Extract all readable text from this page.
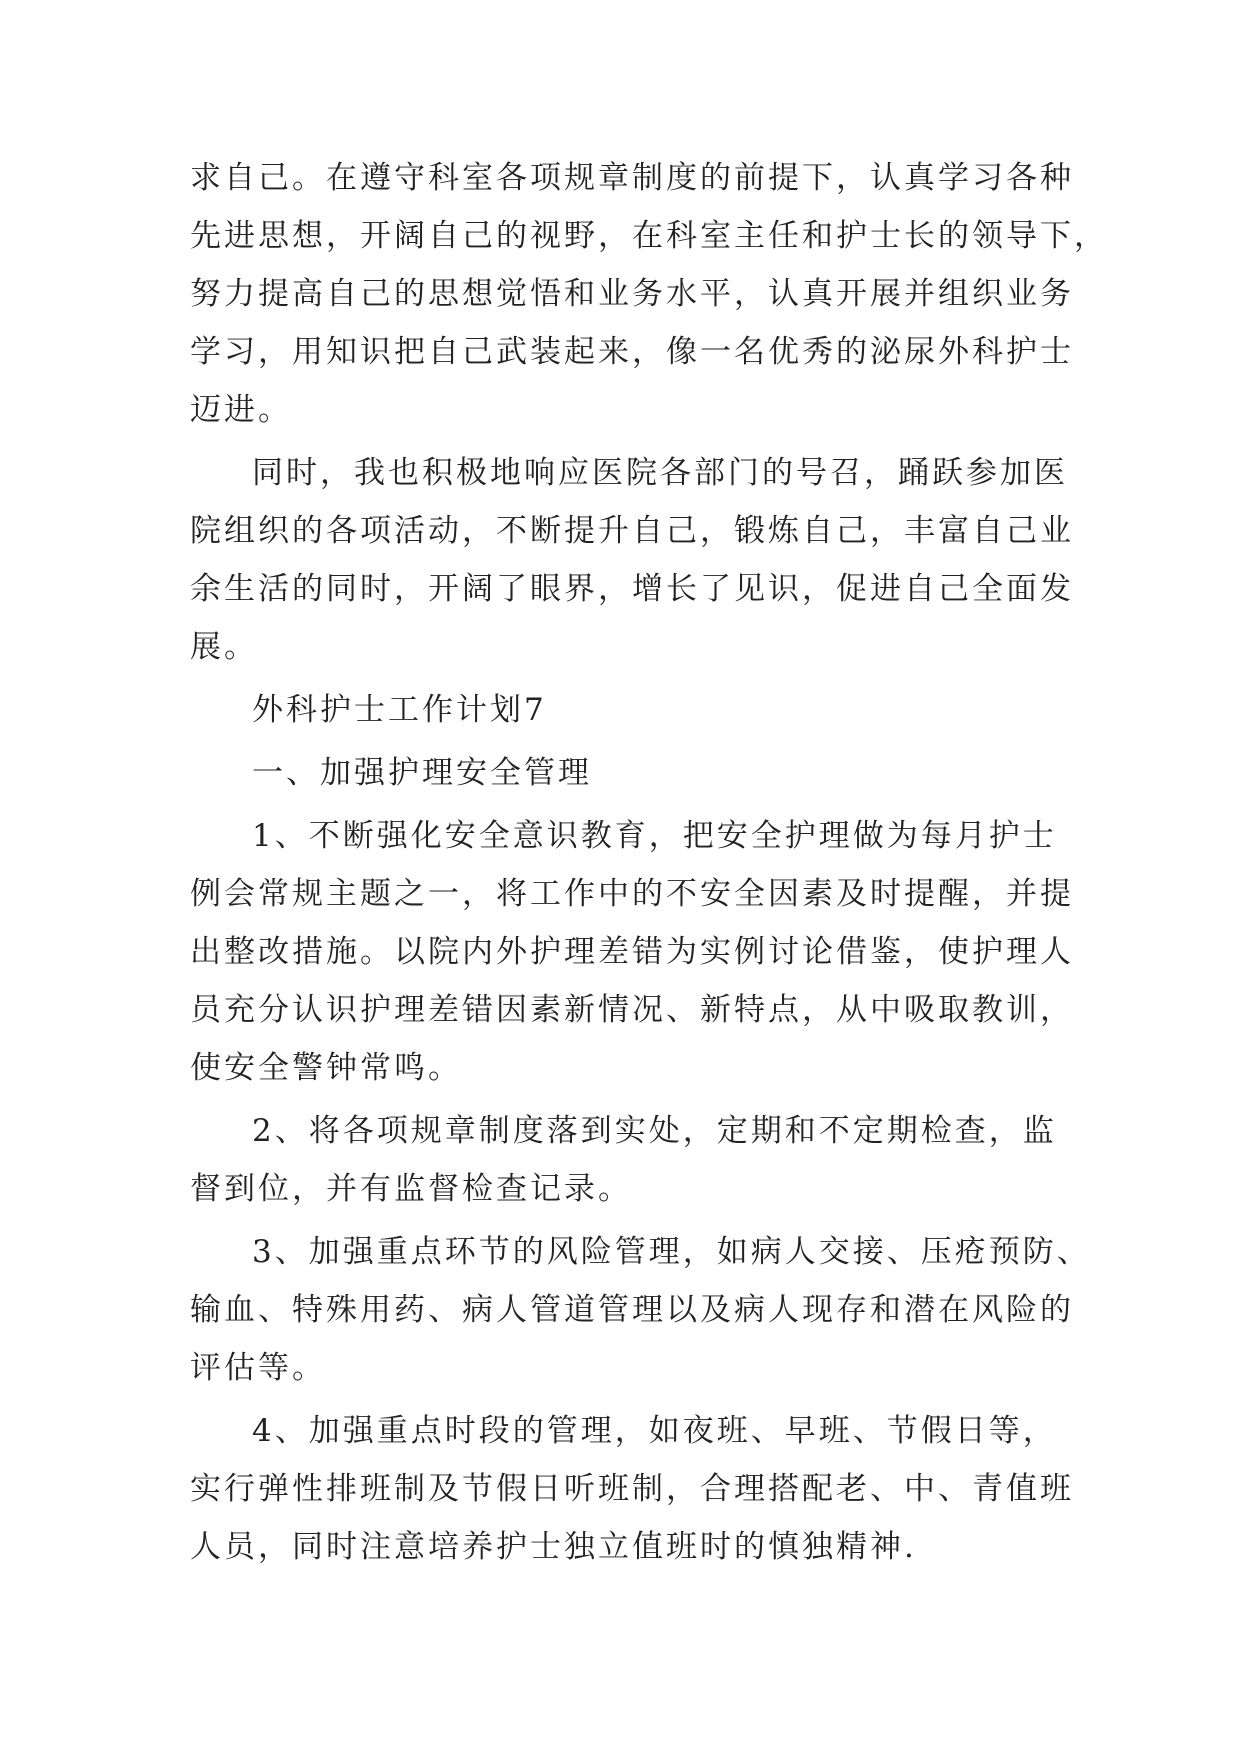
求自己。在遵守科室各项规章制度的前提下，认真学习各种
先进思想，开阔自己的视野，在科室主任和护士长的领导下，
努力提高自己的思想觉悟和业务水平，认真开展并组织业务
学习，用知识把自己武装起来，像一名优秀的泌尿外科护士
迈进。
同时，我也积极地响应医院各部门的号召，踊跃参加医
院组织的各项活动，不断提升自己，锻炼自己，丰富自己业
余生活的同时，开阔了眼界，增长了见识，促进自己全面发
展。
外科护士工作计划7
一、加强护理安全管理
1、不断强化安全意识教育，把安全护理做为每月护士
例会常规主题之一，将工作中的不安全因素及时提醒，并提
出整改措施。以院内外护理差错为实例讨论借鉴，使护理人
员充分认识护理差错因素新情况、新特点，从中吸取教训，
使安全警钟常鸣。
2、将各项规章制度落到实处，定期和不定期检查，监
督到位，并有监督检查记录。
3、加强重点环节的风险管理，如病人交接、压疮预防、
输血、特殊用药、病人管道管理以及病人现存和潜在风险的
评估等。
4、加强重点时段的管理，如夜班、早班、节假日等，
实行弹性排班制及节假日听班制，合理搭配老、中、青值班
人员，同时注意培养护士独立值班时的慎独精神.
